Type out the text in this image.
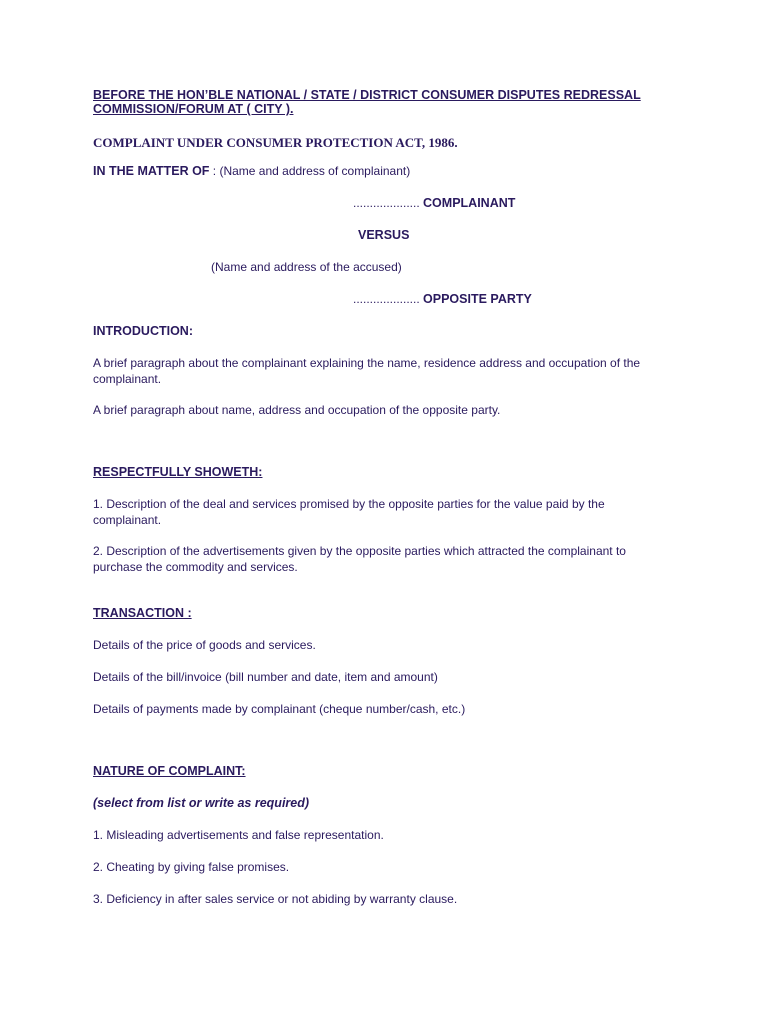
BEFORE THE HON’BLE NATIONAL / STATE / DISTRICT CONSUMER DISPUTES REDRESSAL
COMMISSION/FORUM AT ( CITY ).
COMPLAINT UNDER CONSUMER PROTECTION ACT, 1986.
IN THE MATTER OF : (Name and address of complainant)
.................... COMPLAINANT
VERSUS
(Name and address of the accused)
.................... OPPOSITE PARTY
INTRODUCTION:
A brief paragraph about the complainant explaining the name, residence address and occupation of the complainant.
A brief paragraph about name, address and occupation of the opposite party.
RESPECTFULLY SHOWETH:
1. Description of the deal and services promised by the opposite parties for the value paid by the complainant.
2. Description of the advertisements given by the opposite parties which attracted the complainant to purchase the commodity and services.
TRANSACTION :
Details of the price of goods and services.
Details of the bill/invoice (bill number and date, item and amount)
Details of payments made by complainant (cheque number/cash, etc.)
NATURE OF COMPLAINT:
(select from list or write as required)
1. Misleading advertisements and false representation.
2. Cheating by giving false promises.
3. Deficiency in after sales service or not abiding by warranty clause.
